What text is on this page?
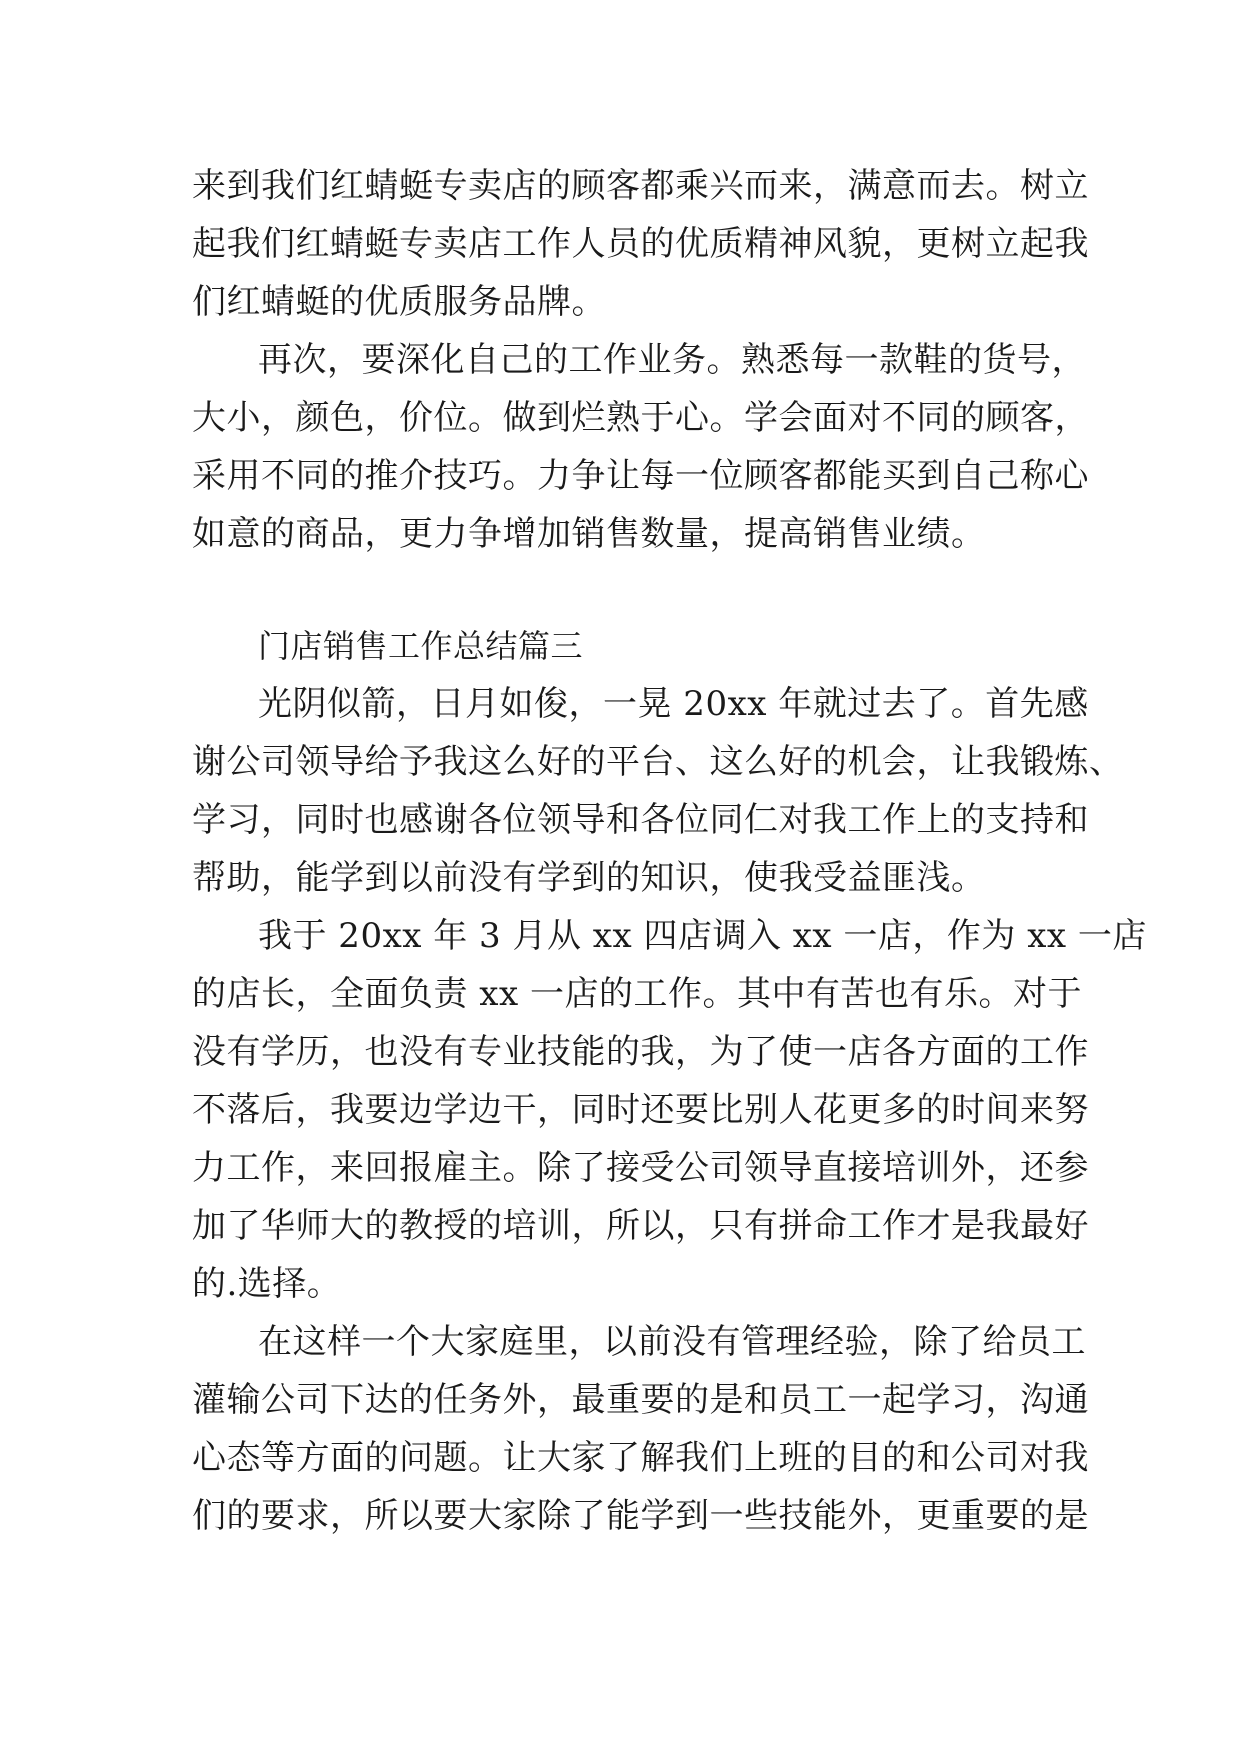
来到我们红蜻蜓专卖店的顾客都乘兴而来，满意而去。树立
起我们红蜻蜓专卖店工作人员的优质精神风貌，更树立起我
们红蜻蜓的优质服务品牌。
再次，要深化自己的工作业务。熟悉每一款鞋的货号，
大小，颜色，价位。做到烂熟于心。学会面对不同的顾客，
采用不同的推介技巧。力争让每一位顾客都能买到自己称心
如意的商品，更力争增加销售数量，提高销售业绩。
门店销售工作总结篇三
光阴似箭，日月如俊，一晃 20xx 年就过去了。首先感
谢公司领导给予我这么好的平台、这么好的机会，让我锻炼、
学习，同时也感谢各位领导和各位同仁对我工作上的支持和
帮助，能学到以前没有学到的知识，使我受益匪浅。
我于 20xx 年 3 月从 xx 四店调入 xx 一店，作为 xx 一店
的店长，全面负责 xx 一店的工作。其中有苦也有乐。对于
没有学历，也没有专业技能的我，为了使一店各方面的工作
不落后，我要边学边干，同时还要比别人花更多的时间来努
力工作，来回报雇主。除了接受公司领导直接培训外，还参
加了华师大的教授的培训，所以，只有拼命工作才是我最好
的.选择。
在这样一个大家庭里，以前没有管理经验，除了给员工
灌输公司下达的任务外，最重要的是和员工一起学习，沟通
心态等方面的问题。让大家了解我们上班的目的和公司对我
们的要求，所以要大家除了能学到一些技能外，更重要的是
